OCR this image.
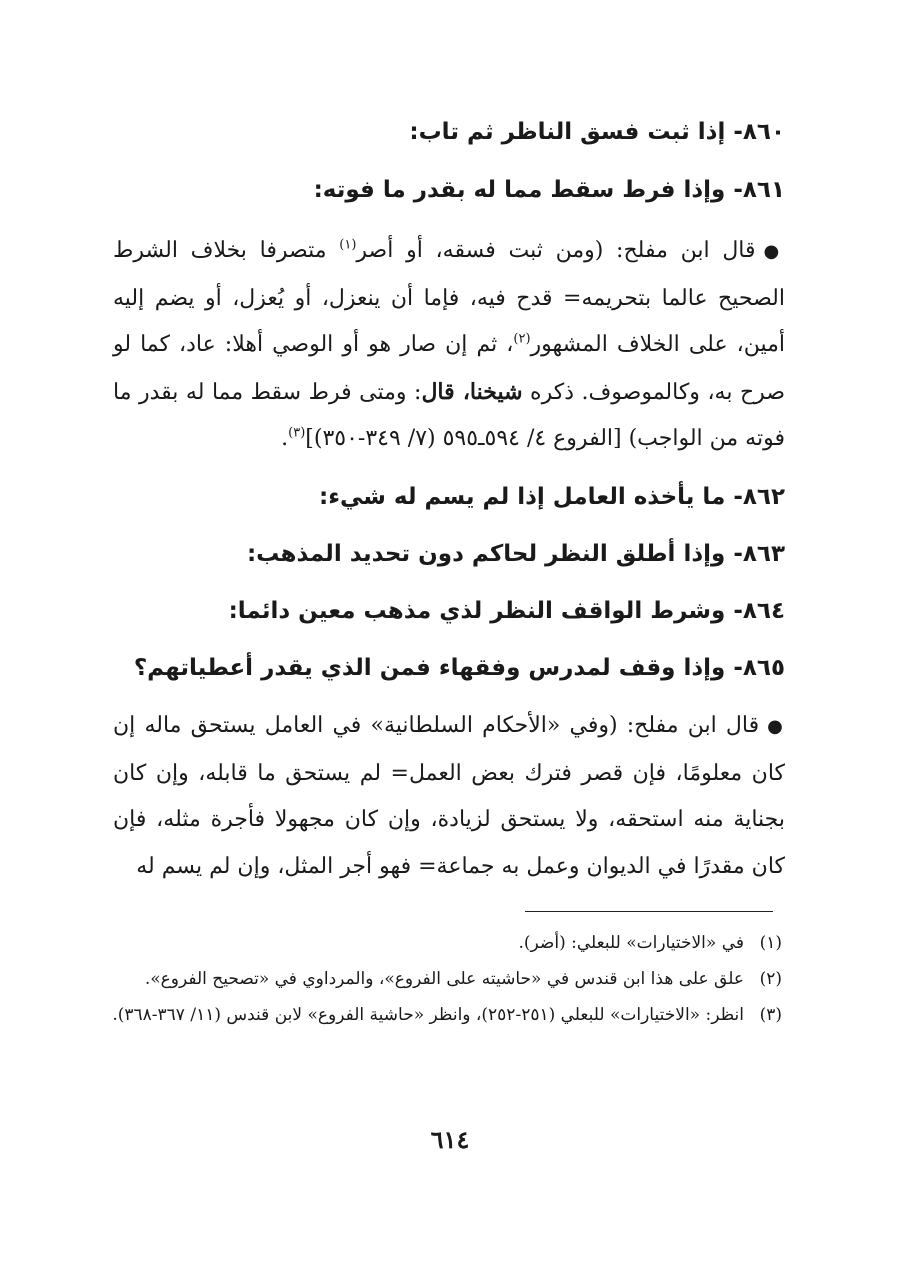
٨٦٠- إذا ثبت فسق الناظر ثم تاب:
٨٦١- وإذا فرط سقط مما له بقدر ما فوته:

●قال ابن مفلح: (ومن ثبت فسقه، أو أصر$^{(١)}$ متصرفا بخلاف الشرط الصحيح عالما بتحريمه= قدح فيه، فإما أن ينعزل، أو يُعزل، أو يضم إليه أمين، على الخلاف المشهور$^{(٢)}$، ثم إن صار هو أو الوصي أهلا: عاد، كما لو صرح به، وكالموصوف. ذكره شيخنا، قال: ومتى فرط سقط مما له بقدر ما فوته من الواجب) [الفروع ٤/ ٥٩٤ـ٥٩٥ (٧/ ٣٤٩-٣٥٠)]$^{(٣)}$.

٨٦٢- ما يأخذه العامل إذا لم يسم له شيء:
٨٦٣- وإذا أطلق النظر لحاكم دون تحديد المذهب:
٨٦٤- وشرط الواقف النظر لذي مذهب معين دائما:
٨٦٥- وإذا وقف لمدرس وفقهاء فمن الذي يقدر أعطياتهم؟

●قال ابن مفلح: (وفي «الأحكام السلطانية» في العامل يستحق ماله إن كان معلومًا، فإن قصر فترك بعض العمل= لم يستحق ما قابله، وإن كان بجناية منه استحقه، ولا يستحق لزيادة، وإن كان مجهولا فأجرة مثله، فإن كان مقدرًا في الديوان وعمل به جماعة= فهو أجر المثل، وإن لم يسم له

(١)
في «الاختيارات» للبعلي: (أضر).
(٢)
علق على هذا ابن قندس في «حاشيته على الفروع»، والمرداوي في «تصحيح الفروع».
(٣)
انظر: «الاختيارات» للبعلي (٢٥١-٢٥٢)، وانظر «حاشية الفروع» لابن قندس (١١/ ٣٦٧-٣٦٨).
٦١٤
